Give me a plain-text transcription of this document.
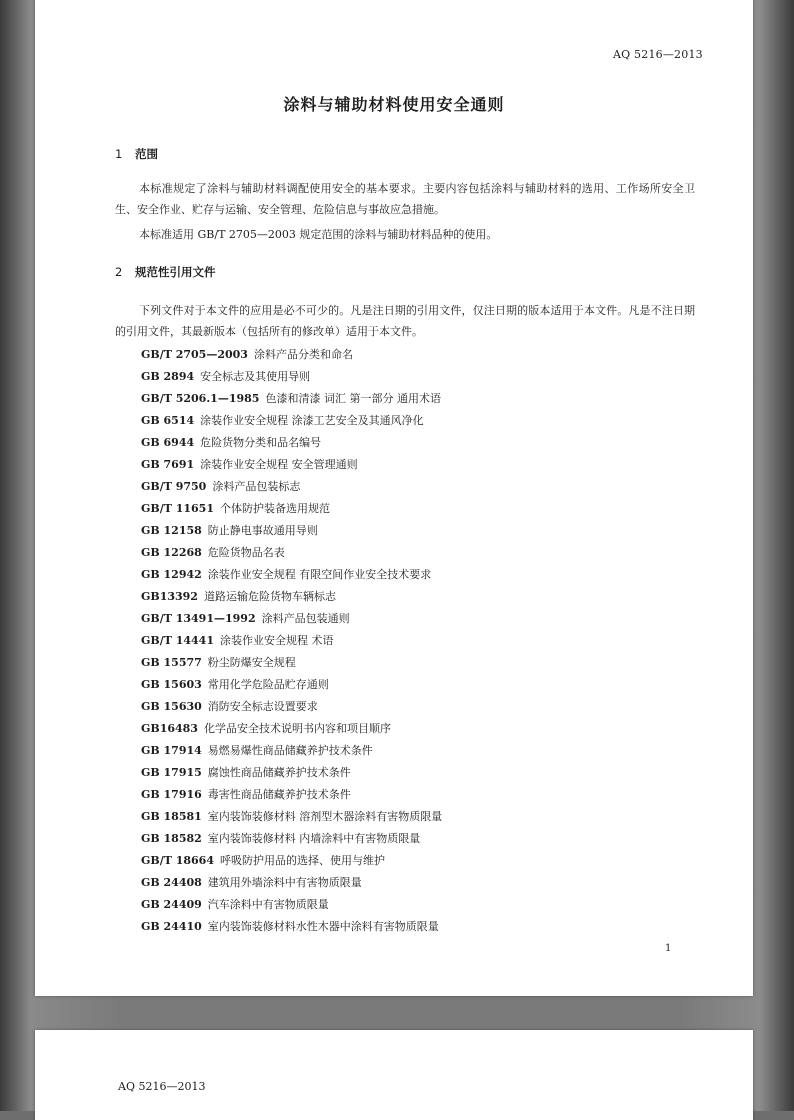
AQ 5216—2013
涂料与辅助材料使用安全通则
1 范围
本标准规定了涂料与辅助材料调配使用安全的基本要求。主要内容包括涂料与辅助材料的选用、工作场所安全卫生、安全作业、贮存与运输、安全管理、危险信息与事故应急措施。
本标准适用 GB/T 2705—2003 规定范围的涂料与辅助材料品种的使用。
2 规范性引用文件
下列文件对于本文件的应用是必不可少的。凡是注日期的引用文件，仅注日期的版本适用于本文件。凡是不注日期的引用文件，其最新版本（包括所有的修改单）适用于本文件。
GB/T 2705—2003 涂料产品分类和命名
GB 2894 安全标志及其使用导则
GB/T 5206.1—1985 色漆和清漆 词汇 第一部分 通用术语
GB 6514 涂装作业安全规程 涂漆工艺安全及其通风净化
GB 6944 危险货物分类和品名编号
GB 7691 涂装作业安全规程 安全管理通则
GB/T 9750 涂料产品包装标志
GB/T 11651 个体防护装备选用规范
GB 12158 防止静电事故通用导则
GB 12268 危险货物品名表
GB 12942 涂装作业安全规程 有限空间作业安全技术要求
GB13392 道路运输危险货物车辆标志
GB/T 13491—1992 涂料产品包装通则
GB/T 14441 涂装作业安全规程 术语
GB 15577 粉尘防爆安全规程
GB 15603 常用化学危险品贮存通则
GB 15630 消防安全标志设置要求
GB16483 化学品安全技术说明书内容和项目顺序
GB 17914 易燃易爆性商品储藏养护技术条件
GB 17915 腐蚀性商品储藏养护技术条件
GB 17916 毒害性商品储藏养护技术条件
GB 18581 室内装饰装修材料 溶剂型木器涂料有害物质限量
GB 18582 室内装饰装修材料 内墙涂料中有害物质限量
GB/T 18664 呼吸防护用品的选择、使用与维护
GB 24408 建筑用外墙涂料中有害物质限量
GB 24409 汽车涂料中有害物质限量
GB 24410 室内装饰装修材料水性木器中涂料有害物质限量
1
AQ 5216—2013
